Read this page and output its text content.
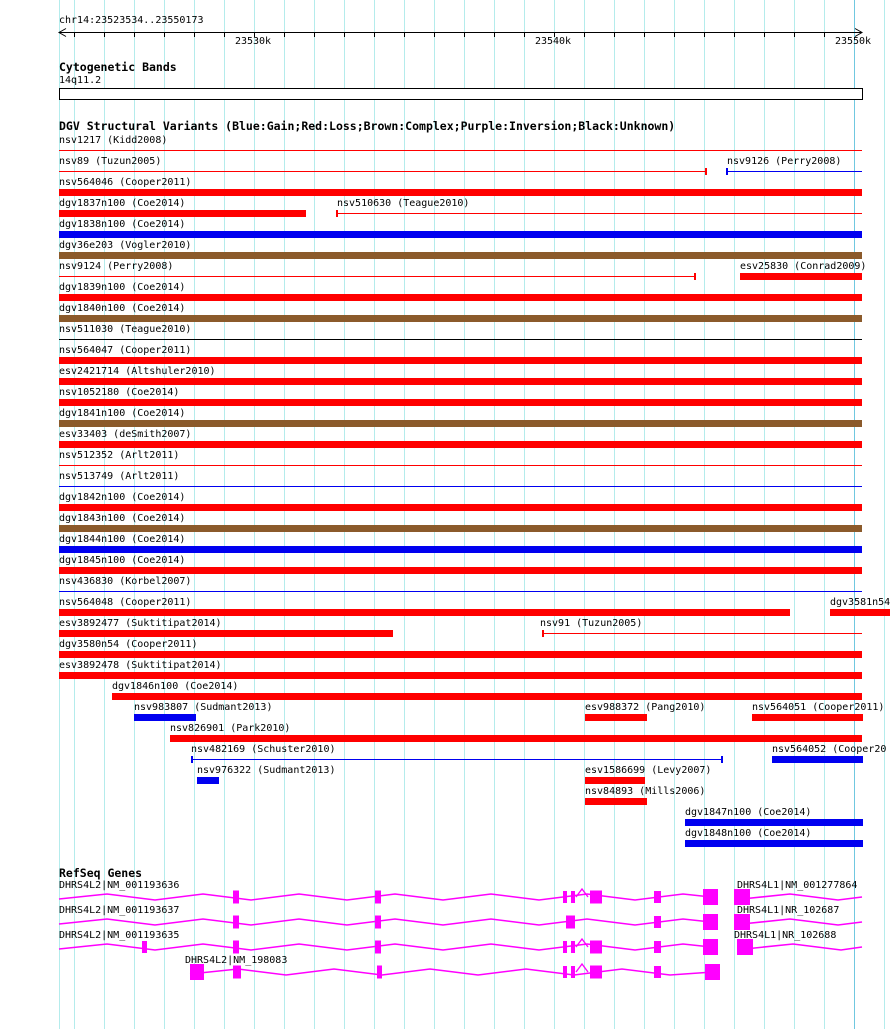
23530k	23540k	23550k
chr14:23523534..23550173
Cytogenetic Bands
14q11.2
DGV Structural Variants (Blue:Gain;Red:Loss;Brown:Complex;Purple:Inversion;Black:Unknown)
nsv1217 (Kidd2008)
nsv89 (Tuzun2005)	nsv9126 (Perry2008)
nsv564046 (Cooper2011)
dgv1837n100 (Coe2014)	nsv510630 (Teague2010)
dgv1838n100 (Coe2014)
dgv36e203 (Vogler2010)
nsv9124 (Perry2008)	esv25830 (Conrad2009)
dgv1839n100 (Coe2014)
dgv1840n100 (Coe2014)
nsv511030 (Teague2010)
nsv564047 (Cooper2011)
esv2421714 (Altshuler2010)
nsv1052180 (Coe2014)
dgv1841n100 (Coe2014)
esv33403 (deSmith2007)
nsv512352 (Arlt2011)
nsv513749 (Arlt2011)
dgv1842n100 (Coe2014)
dgv1843n100 (Coe2014)
dgv1844n100 (Coe2014)
dgv1845n100 (Coe2014)
nsv436830 (Korbel2007)
nsv564048 (Cooper2011)	dgv3581n54
esv3892477 (Suktitipat2014)	nsv91 (Tuzun2005)
dgv3580n54 (Cooper2011)
esv3892478 (Suktitipat2014)
dgv1846n100 (Coe2014)
nsv983807 (Sudmant2013)	esv988372 (Pang2010)	nsv564051 (Cooper2011)
nsv826901 (Park2010)
nsv482169 (Schuster2010)	nsv564052 (Cooper20
nsv976322 (Sudmant2013)	esv1586699 (Levy2007)
nsv84893 (Mills2006)
dgv1847n100 (Coe2014)
dgv1848n100 (Coe2014)
RefSeq Genes
DHRS4L2|NM_001193636	DHRS4L1|NM_001277864
DHRS4L2|NM_001193637	DHRS4L1|NR_102687
DHRS4L2|NM_001193635	DHRS4L1|NR_102688
DHRS4L2|NM_198083
